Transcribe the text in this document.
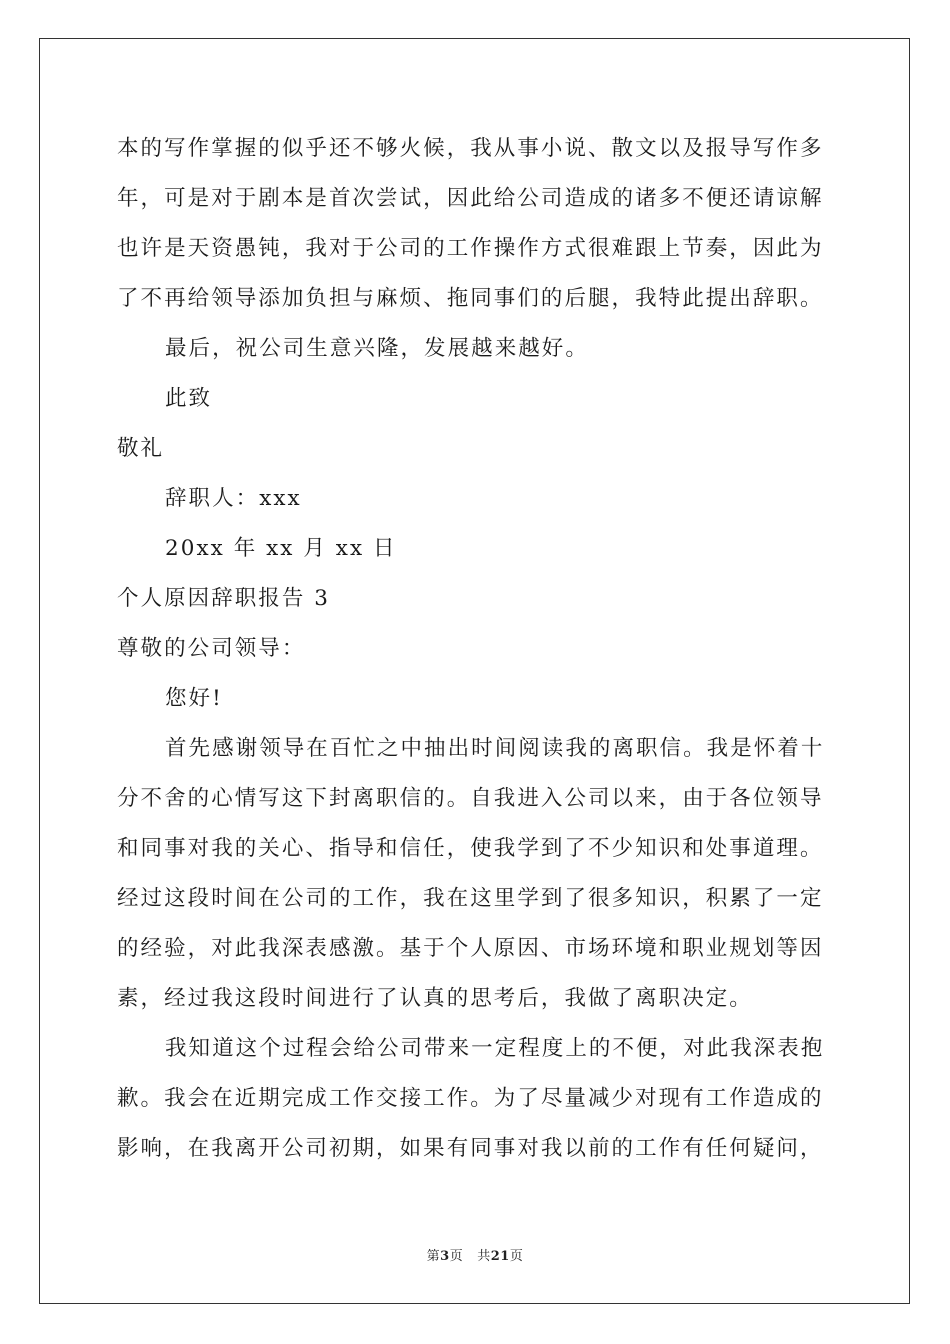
本的写作掌握的似乎还不够火候，我从事小说、散文以及报导写作多
年，可是对于剧本是首次尝试，因此给公司造成的诸多不便还请谅解
也许是天资愚钝，我对于公司的工作操作方式很难跟上节奏，因此为
了不再给领导添加负担与麻烦、拖同事们的后腿，我特此提出辞职。
最后，祝公司生意兴隆，发展越来越好。
此致
敬礼
辞职人：xxx
20xx 年 xx 月 xx 日
个人原因辞职报告 3
尊敬的公司领导：
您好!
首先感谢领导在百忙之中抽出时间阅读我的离职信。我是怀着十
分不舍的心情写这下封离职信的。自我进入公司以来，由于各位领导
和同事对我的关心、指导和信任，使我学到了不少知识和处事道理。
经过这段时间在公司的工作，我在这里学到了很多知识，积累了一定
的经验，对此我深表感激。基于个人原因、市场环境和职业规划等因
素，经过我这段时间进行了认真的思考后，我做了离职决定。
我知道这个过程会给公司带来一定程度上的不便，对此我深表抱
歉。我会在近期完成工作交接工作。为了尽量减少对现有工作造成的
影响，在我离开公司初期，如果有同事对我以前的工作有任何疑问，
第3页 共21页
